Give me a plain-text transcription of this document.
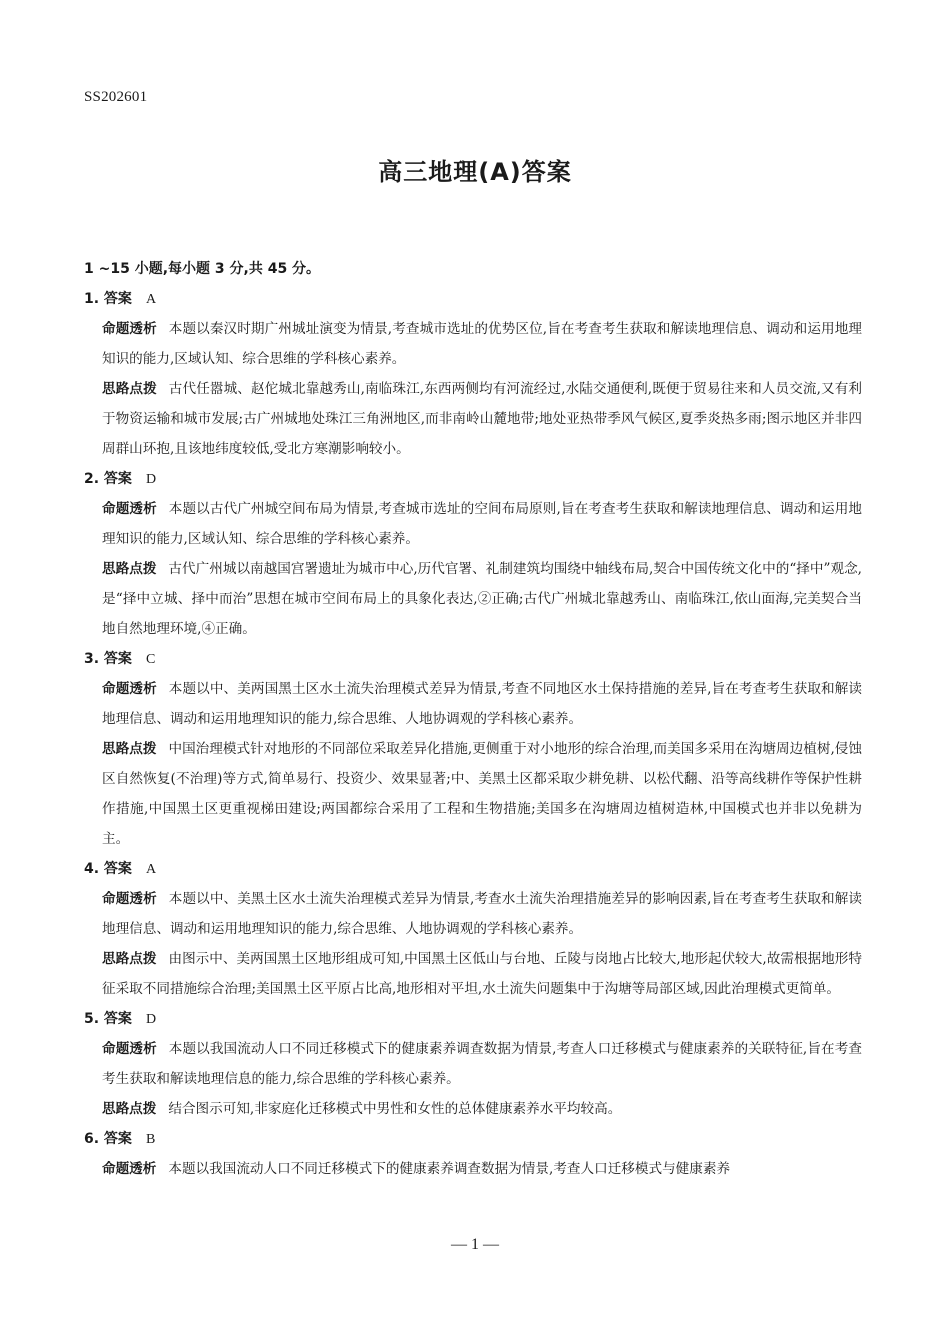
SS202601
高三地理(A)答案
1 ~15 小题,每小题 3 分,共 45 分。
1. 答案 A
命题透析 本题以秦汉时期广州城址演变为情景,考查城市选址的优势区位,旨在考查考生获取和解读地理信息、调动和运用地理知识的能力,区域认知、综合思维的学科核心素养。
思路点拨 古代任嚣城、赵佗城北靠越秀山,南临珠江,东西两侧均有河流经过,水陆交通便利,既便于贸易往来和人员交流,又有利于物资运输和城市发展;古广州城地处珠江三角洲地区,而非南岭山麓地带;地处亚热带季风气候区,夏季炎热多雨;图示地区并非四周群山环抱,且该地纬度较低,受北方寒潮影响较小。
2. 答案 D
命题透析 本题以古代广州城空间布局为情景,考查城市选址的空间布局原则,旨在考查考生获取和解读地理信息、调动和运用地理知识的能力,区域认知、综合思维的学科核心素养。
思路点拨 古代广州城以南越国宫署遗址为城市中心,历代官署、礼制建筑均围绕中轴线布局,契合中国传统文化中的“择中”观念,是“择中立城、择中而治”思想在城市空间布局上的具象化表达,②正确;古代广州城北靠越秀山、南临珠江,依山面海,完美契合当地自然地理环境,④正确。
3. 答案 C
命题透析 本题以中、美两国黑土区水土流失治理模式差异为情景,考查不同地区水土保持措施的差异,旨在考查考生获取和解读地理信息、调动和运用地理知识的能力,综合思维、人地协调观的学科核心素养。
思路点拨 中国治理模式针对地形的不同部位采取差异化措施,更侧重于对小地形的综合治理,而美国多采用在沟塘周边植树,侵蚀区自然恢复(不治理)等方式,简单易行、投资少、效果显著;中、美黑土区都采取少耕免耕、以松代翻、沿等高线耕作等保护性耕作措施,中国黑土区更重视梯田建设;两国都综合采用了工程和生物措施;美国多在沟塘周边植树造林,中国模式也并非以免耕为主。
4. 答案 A
命题透析 本题以中、美黑土区水土流失治理模式差异为情景,考查水土流失治理措施差异的影响因素,旨在考查考生获取和解读地理信息、调动和运用地理知识的能力,综合思维、人地协调观的学科核心素养。
思路点拨 由图示中、美两国黑土区地形组成可知,中国黑土区低山与台地、丘陵与岗地占比较大,地形起伏较大,故需根据地形特征采取不同措施综合治理;美国黑土区平原占比高,地形相对平坦,水土流失问题集中于沟塘等局部区域,因此治理模式更简单。
5. 答案 D
命题透析 本题以我国流动人口不同迁移模式下的健康素养调查数据为情景,考查人口迁移模式与健康素养的关联特征,旨在考查考生获取和解读地理信息的能力,综合思维的学科核心素养。
思路点拨 结合图示可知,非家庭化迁移模式中男性和女性的总体健康素养水平均较高。
6. 答案 B
命题透析 本题以我国流动人口不同迁移模式下的健康素养调查数据为情景,考查人口迁移模式与健康素养
— 1 —
